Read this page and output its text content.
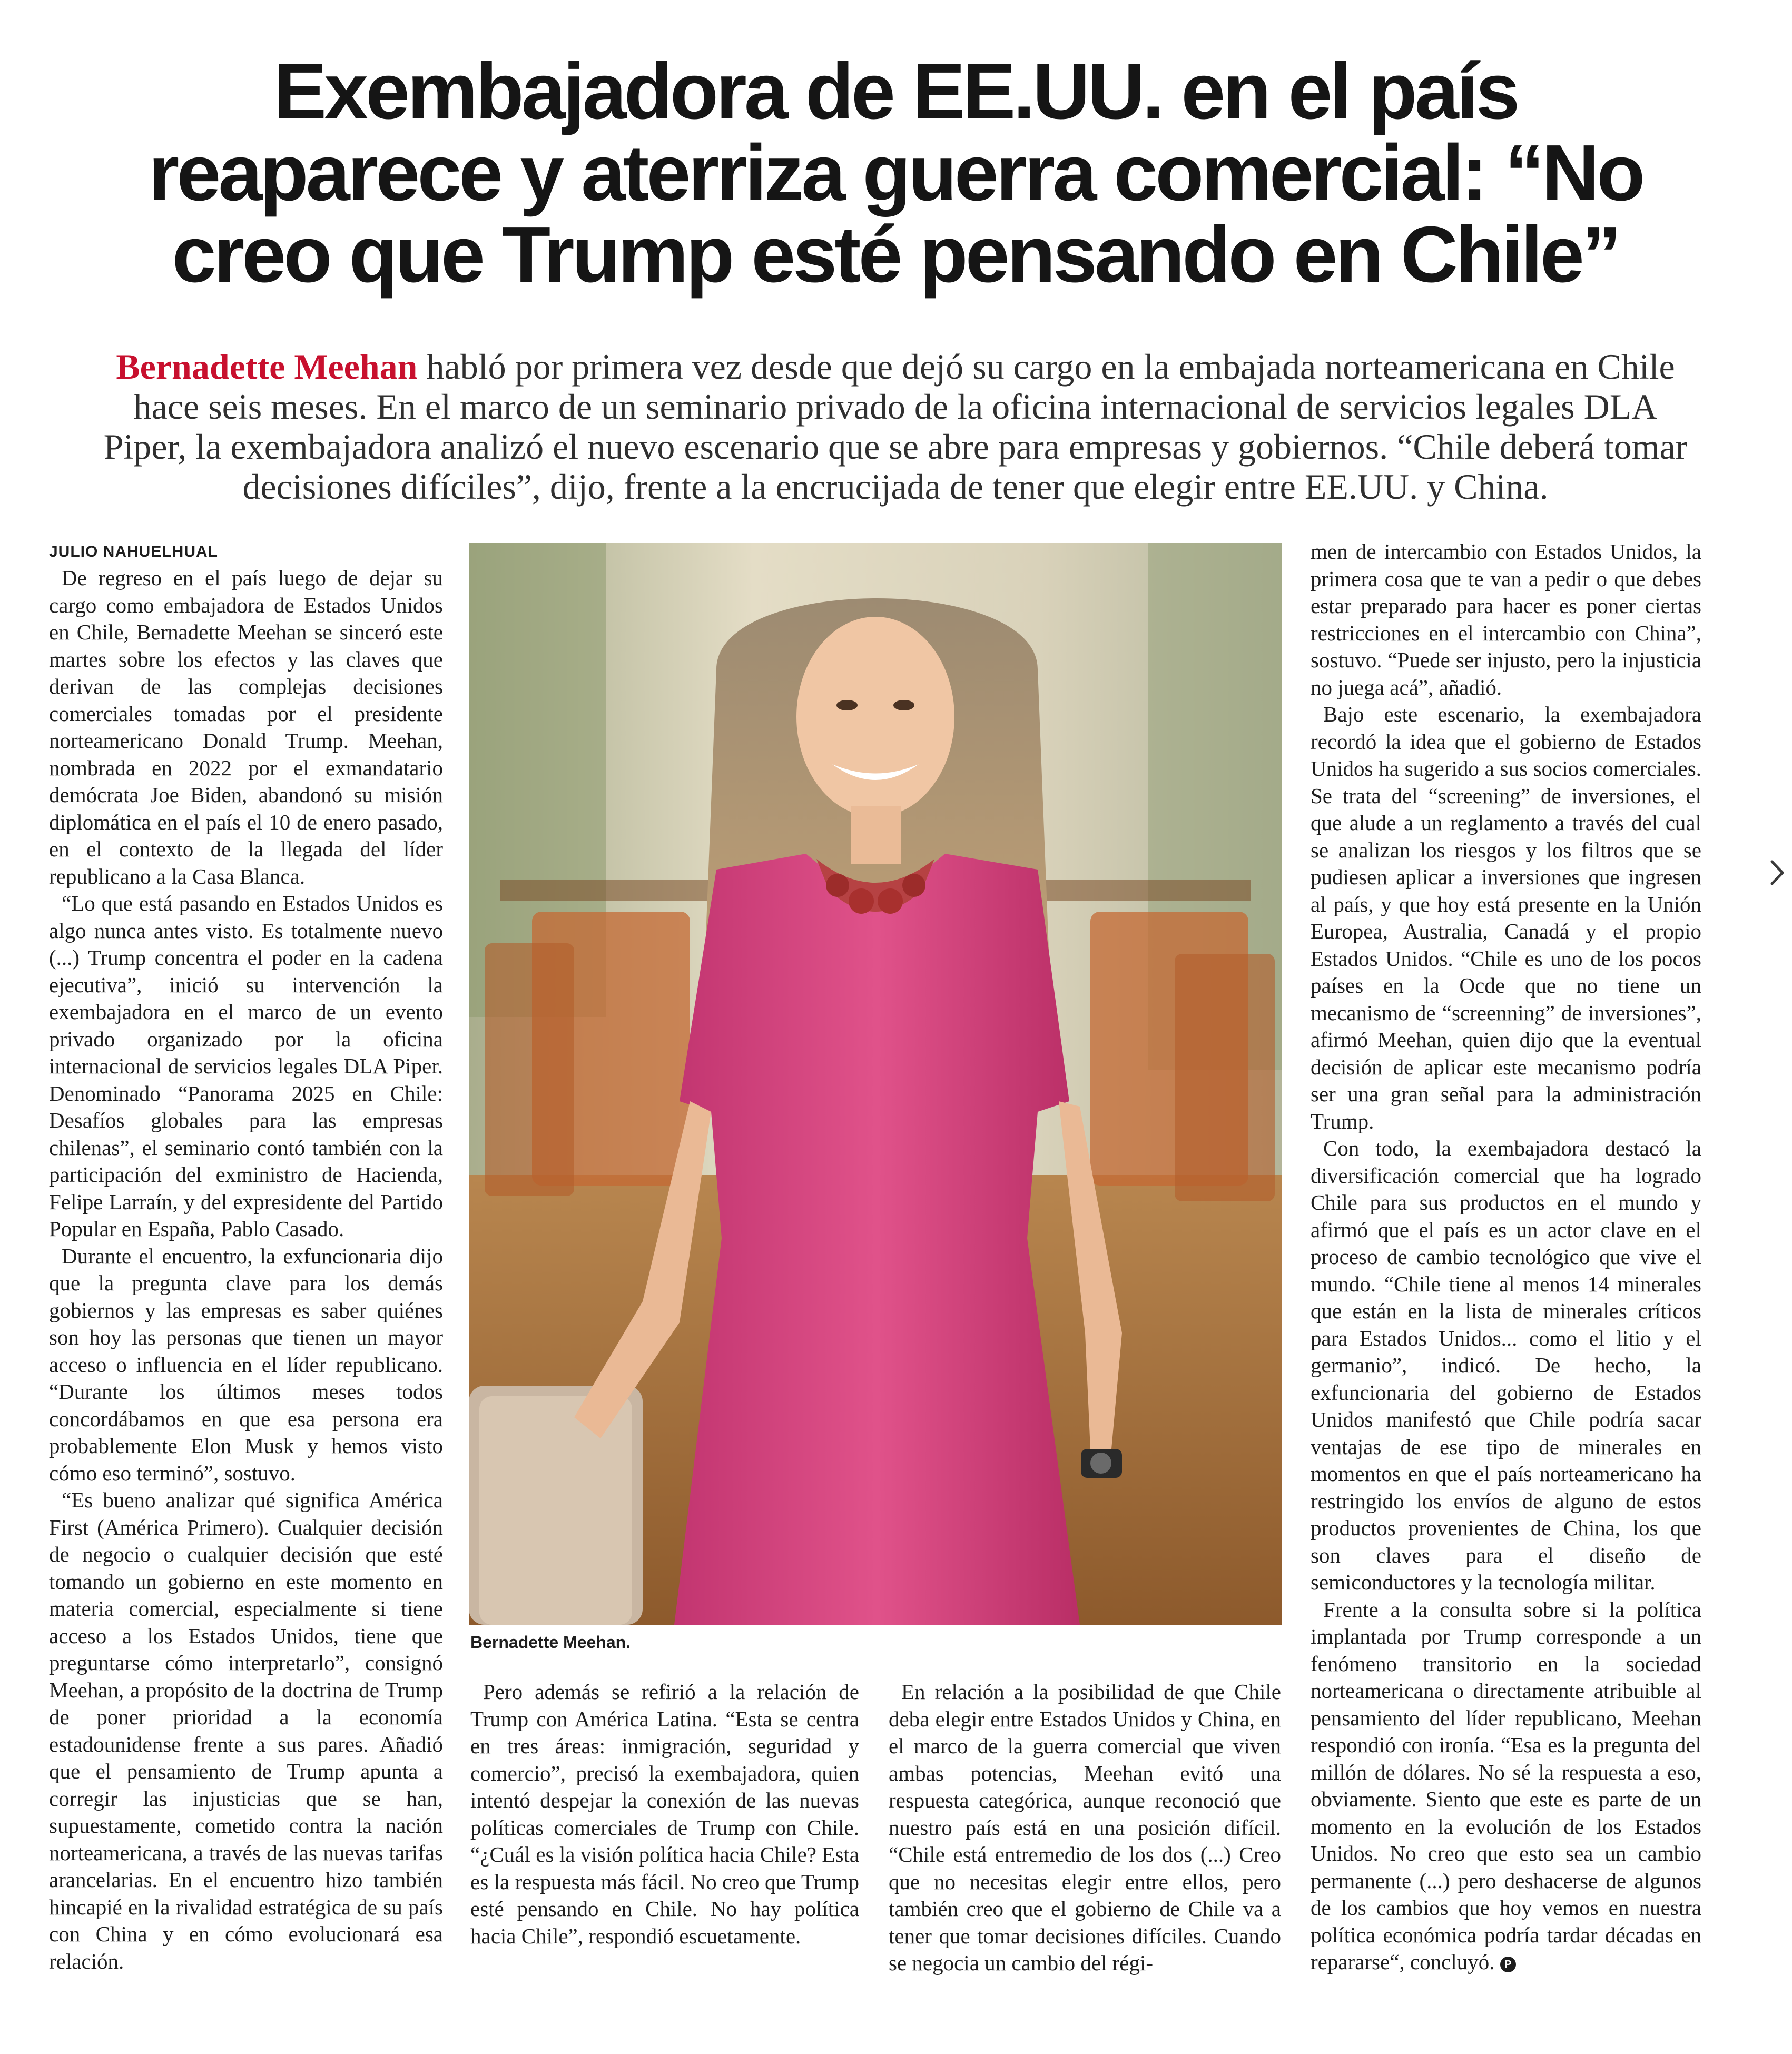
Exembajadora de EE.UU. en el país
reaparece y aterriza guerra comercial: “No
creo que Trump esté pensando en Chile”

Bernadette Meehan habló por primera vez desde que dejó su cargo en la embajada norteamericana en Chile
hace seis meses. En el marco de un seminario privado de la oficina internacional de servicios legales DLA
Piper, la exembajadora analizó el nuevo escenario que se abre para empresas y gobiernos. “Chile deberá tomar
decisiones difíciles”, dijo, frente a la encrucijada de tener que elegir entre EE.UU. y China.

JULIO NAHUELHUAL

De regreso en el país luego de dejar su cargo como embajadora de Estados Unidos en Chile, Bernadette Meehan se sinceró este martes sobre los efectos y las claves que derivan de las complejas decisiones comerciales tomadas por el presidente norteamericano Donald Trump. Meehan, nombrada en 2022 por el exmandatario demócrata Joe Biden, abandonó su misión diplomática en el país el 10 de enero pasado, en el contexto de la llegada del líder republicano a la Casa Blanca.

“Lo que está pasando en Estados Unidos es algo nunca antes visto. Es totalmente nuevo (...) Trump concentra el poder en la cadena ejecutiva”, inició su intervención la exembajadora en el marco de un evento privado organizado por la oficina internacional de servicios legales DLA Piper. Denominado “Panorama 2025 en Chile: Desafíos globales para las empresas chilenas”, el seminario contó también con la participación del exministro de Hacienda, Felipe Larraín, y del expresidente del Partido Popular en España, Pablo Casado.

Durante el encuentro, la exfuncionaria dijo que la pregunta clave para los demás gobiernos y las empresas es saber quiénes son hoy las personas que tienen un mayor acceso o influencia en el líder republicano. “Durante los últimos meses todos concordábamos en que esa persona era probablemente Elon Musk y hemos visto cómo eso terminó”, sostuvo.

“Es bueno analizar qué significa América First (América Primero). Cualquier decisión de negocio o cualquier decisión que esté tomando un gobierno en este momento en materia comercial, especialmente si tiene acceso a los Estados Unidos, tiene que preguntarse cómo interpretarlo”, consignó Meehan, a propósito de la doctrina de Trump de poner prioridad a la economía estadounidense frente a sus pares. Añadió que el pensamiento de Trump apunta a corregir las injusticias que se han, supuestamente, cometido contra la nación norteamericana, a través de las nuevas tarifas arancelarias. En el encuentro hizo también hincapié en la rivalidad estratégica de su país con China y en cómo evolucionará esa relación.

Bernadette Meehan.

Pero además se refirió a la relación de Trump con América Latina. “Esta se centra en tres áreas: inmigración, seguridad y comercio”, precisó la exembajadora, quien intentó despejar la conexión de las nuevas políticas comerciales de Trump con Chile. “¿Cuál es la visión política hacia Chile? Esta es la respuesta más fácil. No creo que Trump esté pensando en Chile. No hay política hacia Chile”, respondió escuetamente.

En relación a la posibilidad de que Chile deba elegir entre Estados Unidos y China, en el marco de la guerra comercial que viven ambas potencias, Meehan evitó una respuesta categórica, aunque reconoció que nuestro país está en una posición difícil. “Chile está entremedio de los dos (...) Creo que no necesitas elegir entre ellos, pero también creo que el gobierno de Chile va a tener que tomar decisiones difíciles. Cuando se negocia un cambio del régi-

men de intercambio con Estados Unidos, la primera cosa que te van a pedir o que debes estar preparado para hacer es poner ciertas restricciones en el intercambio con China”, sostuvo. “Puede ser injusto, pero la injusticia no juega acá”, añadió.

Bajo este escenario, la exembajadora recordó la idea que el gobierno de Estados Unidos ha sugerido a sus socios comerciales. Se trata del “screening” de inversiones, el que alude a un reglamento a través del cual se analizan los riesgos y los filtros que se pudiesen aplicar a inversiones que ingresen al país, y que hoy está presente en la Unión Europea, Australia, Canadá y el propio Estados Unidos. “Chile es uno de los pocos países en la Ocde que no tiene un mecanismo de “screenning” de inversiones”, afirmó Meehan, quien dijo que la eventual decisión de aplicar este mecanismo podría ser una gran señal para la administración Trump.

Con todo, la exembajadora destacó la diversificación comercial que ha logrado Chile para sus productos en el mundo y afirmó que el país es un actor clave en el proceso de cambio tecnológico que vive el mundo. “Chile tiene al menos 14 minerales que están en la lista de minerales críticos para Estados Unidos... como el litio y el germanio”, indicó. De hecho, la exfuncionaria del gobierno de Estados Unidos manifestó que Chile podría sacar ventajas de ese tipo de minerales en momentos en que el país norteamericano ha restringido los envíos de alguno de estos productos provenientes de China, los que son claves para el diseño de semiconductores y la tecnología militar.

Frente a la consulta sobre si la política implantada por Trump corresponde a un fenómeno transitorio en la sociedad norteamericana o directamente atribuible al pensamiento del líder republicano, Meehan respondió con ironía. “Esa es la pregunta del millón de dólares. No sé la respuesta a eso, obviamente. Siento que este es parte de un momento en la evolución de los Estados Unidos. No creo que esto sea un cambio permanente (...) pero deshacerse de algunos de los cambios que hoy vemos en nuestra política económica podría tardar décadas en repararse“, concluyó. P
